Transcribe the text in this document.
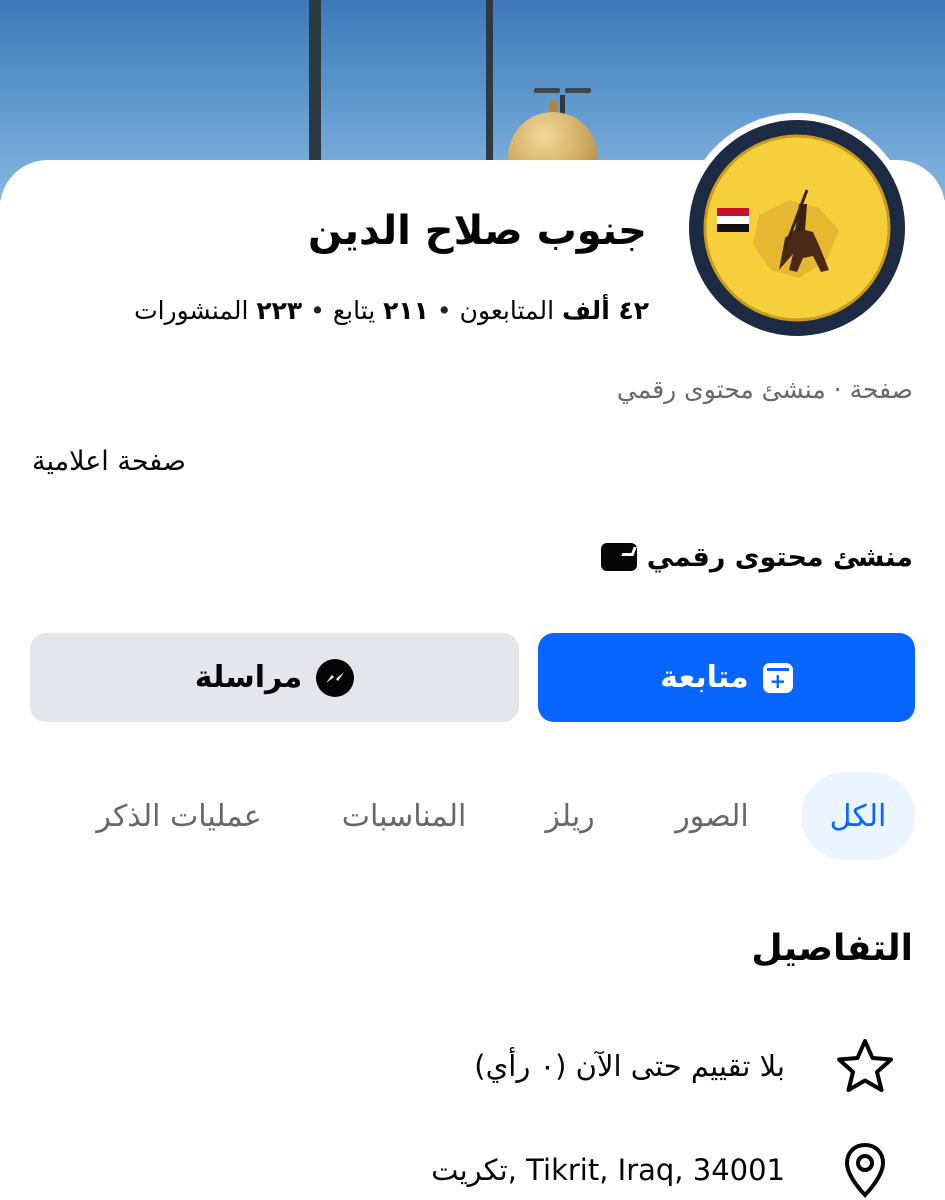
جنوب صلاح الدين
٤٢ ألف المتابعون • ٢١١ يتابع • ٢٢٣ المنشورات
صفحة · منشئ محتوى رقمي
صفحة اعلامية
منشئ محتوى رقمي
+
متابعة
مراسلة
الكل
الصور
ريلز
المناسبات
عمليات الذكر
التفاصيل
بلا تقييم حتى الآن (٠ رأي)
تكريت, Tikrit, Iraq, 34001
